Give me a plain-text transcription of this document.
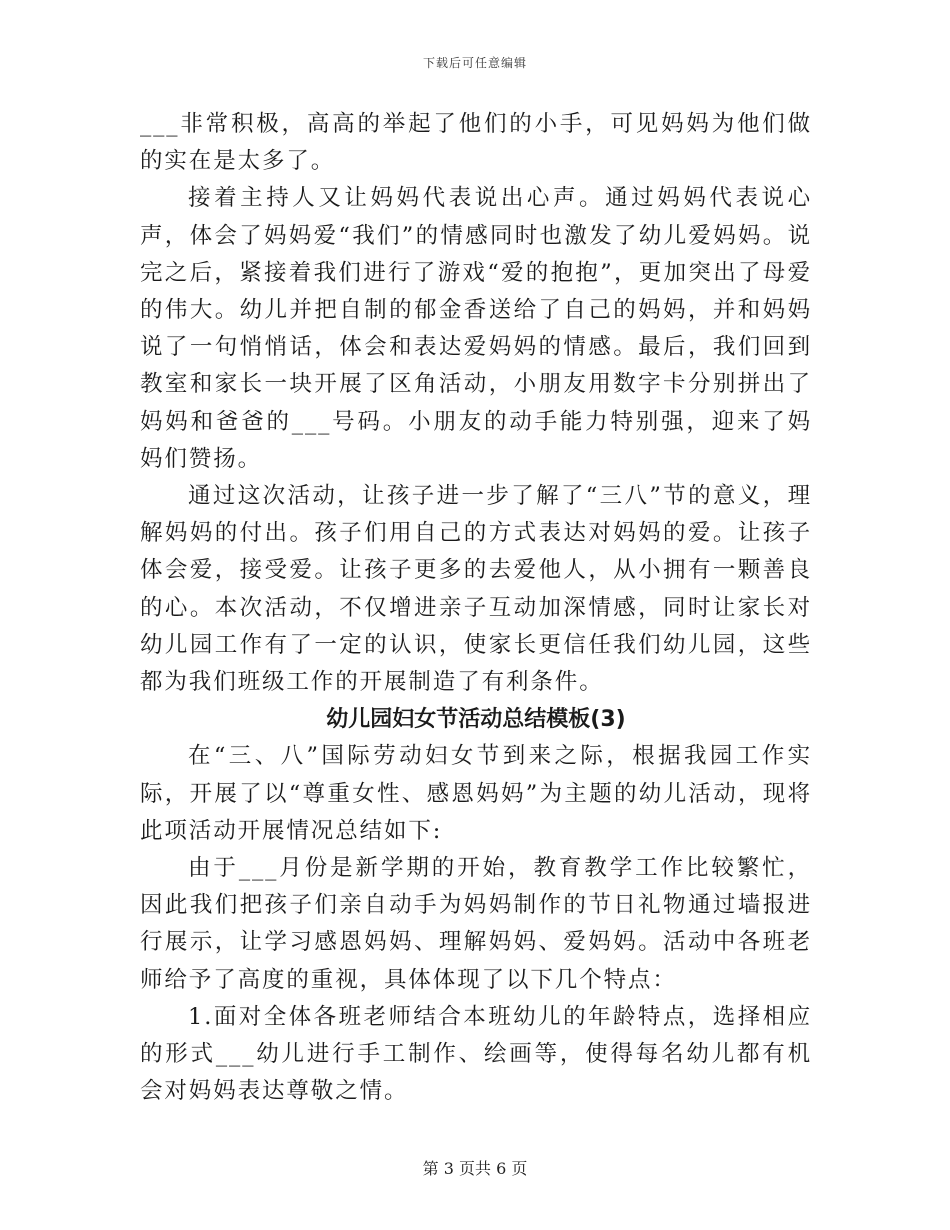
下载后可任意编辑

___非常积极，高高的举起了他们的小手，可见妈妈为他们做的实在是太多了。

接着主持人又让妈妈代表说出心声。通过妈妈代表说心声，体会了妈妈爱“我们”的情感同时也激发了幼儿爱妈妈。说完之后，紧接着我们进行了游戏“爱的抱抱”，更加突出了母爱的伟大。幼儿并把自制的郁金香送给了自己的妈妈，并和妈妈说了一句悄悄话，体会和表达爱妈妈的情感。最后，我们回到教室和家长一块开展了区角活动，小朋友用数字卡分别拼出了妈妈和爸爸的___号码。小朋友的动手能力特别强，迎来了妈妈们赞扬。

通过这次活动，让孩子进一步了解了“三八”节的意义，理解妈妈的付出。孩子们用自己的方式表达对妈妈的爱。让孩子体会爱，接受爱。让孩子更多的去爱他人，从小拥有一颗善良的心。本次活动，不仅增进亲子互动加深情感，同时让家长对幼儿园工作有了一定的认识，使家长更信任我们幼儿园，这些都为我们班级工作的开展制造了有利条件。

幼儿园妇女节活动总结模板(3)

在“三、八”国际劳动妇女节到来之际，根据我园工作实际，开展了以“尊重女性、感恩妈妈”为主题的幼儿活动，现将此项活动开展情况总结如下:

由于___月份是新学期的开始，教育教学工作比较繁忙，因此我们把孩子们亲自动手为妈妈制作的节日礼物通过墙报进行展示，让学习感恩妈妈、理解妈妈、爱妈妈。活动中各班老师给予了高度的重视，具体体现了以下几个特点：

1.面对全体各班老师结合本班幼儿的年龄特点，选择相应的形式___幼儿进行手工制作、绘画等，使得每名幼儿都有机会对妈妈表达尊敬之情。

第 3 页共 6 页
